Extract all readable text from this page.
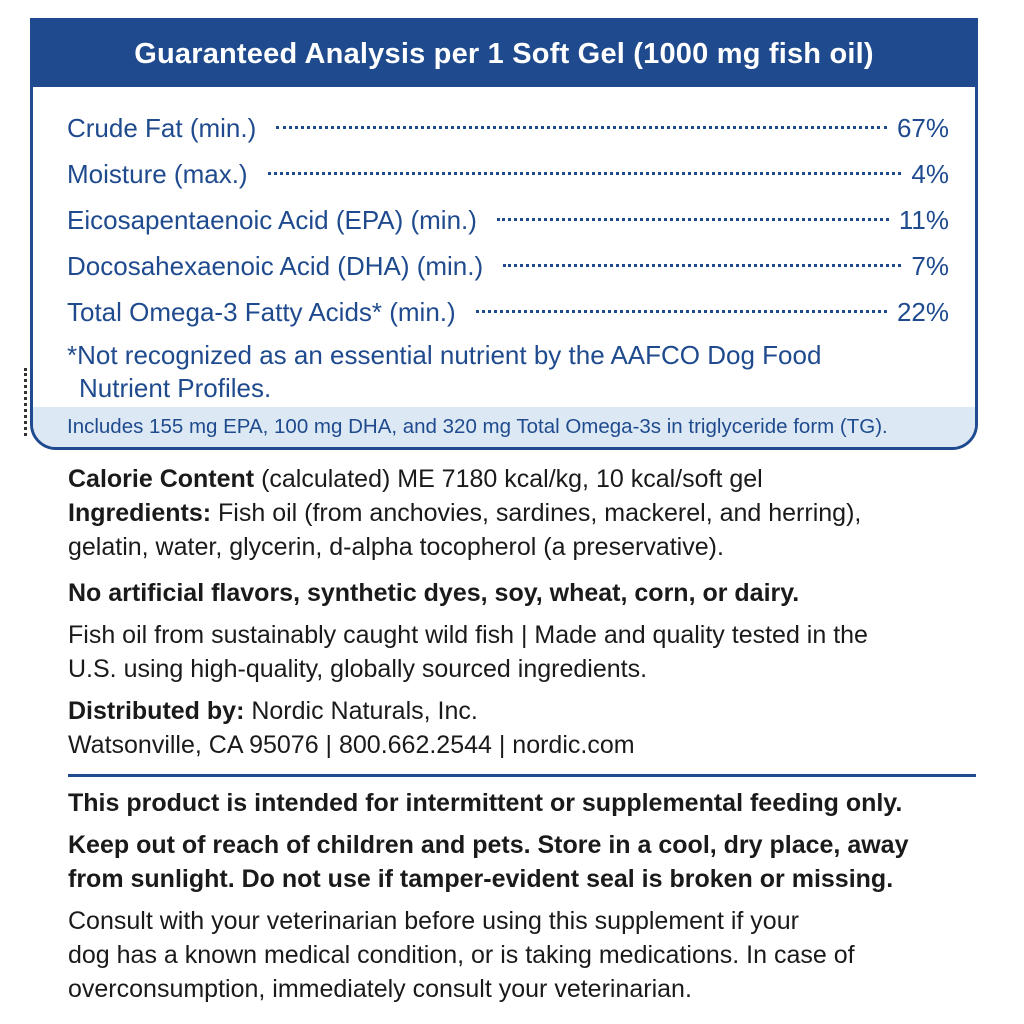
Guaranteed Analysis per 1 Soft Gel (1000 mg fish oil)
Crude Fat (min.)	67%
Moisture (max.)	4%
Eicosapentaenoic Acid (EPA) (min.)	11%
Docosahexaenoic Acid (DHA) (min.)	7%
Total Omega-3 Fatty Acids* (min.)	22%
*Not recognized as an essential nutrient by the AAFCO Dog Food
Nutrient Profiles.
Includes 155 mg EPA, 100 mg DHA, and 320 mg Total Omega-3s in triglyceride form (TG).
Calorie Content (calculated) ME 7180 kcal/kg, 10 kcal/soft gel
Ingredients: Fish oil (from anchovies, sardines, mackerel, and herring),
gelatin, water, glycerin, d-alpha tocopherol (a preservative).
No artificial flavors, synthetic dyes, soy, wheat, corn, or dairy.
Fish oil from sustainably caught wild fish | Made and quality tested in the
U.S. using high-quality, globally sourced ingredients.
Distributed by: Nordic Naturals, Inc.
Watsonville, CA 95076 | 800.662.2544 | nordic.com
This product is intended for intermittent or supplemental feeding only.
Keep out of reach of children and pets. Store in a cool, dry place, away
from sunlight. Do not use if tamper-evident seal is broken or missing.
Consult with your veterinarian before using this supplement if your
dog has a known medical condition, or is taking medications. In case of
overconsumption, immediately consult your veterinarian.
